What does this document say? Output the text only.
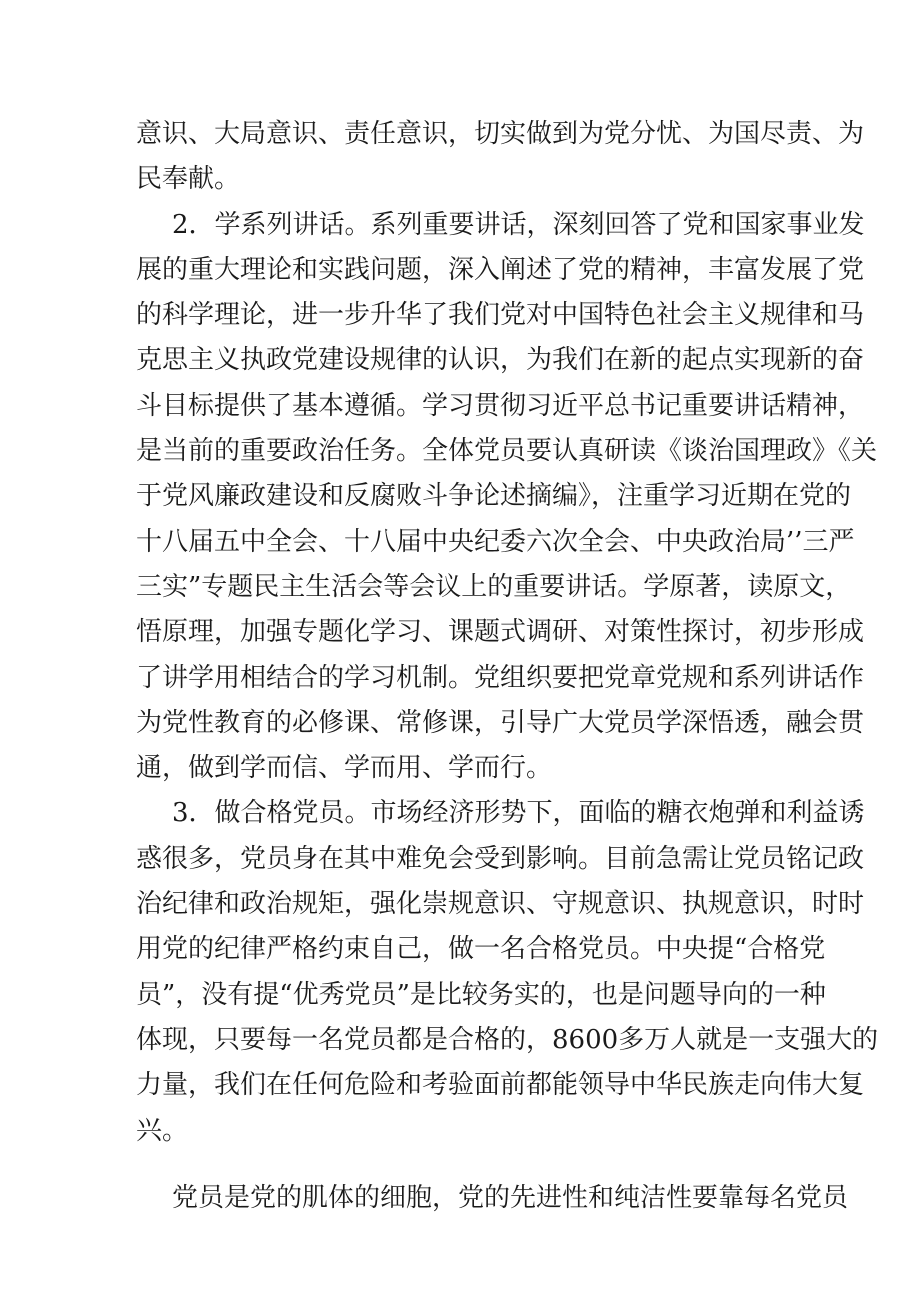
意识、大局意识、责任意识，切实做到为党分忧、为国尽责、为
民奉献。
2．学系列讲话。系列重要讲话，深刻回答了党和国家事业发
展的重大理论和实践问题，深入阐述了党的精神，丰富发展了党
的科学理论，进一步升华了我们党对中国特色社会主义规律和马
克思主义执政党建设规律的认识，为我们在新的起点实现新的奋
斗目标提供了基本遵循。学习贯彻习近平总书记重要讲话精神，
是当前的重要政治任务。全体党员要认真研读《谈治国理政》《关
于党风廉政建设和反腐败斗争论述摘编》，注重学习近期在党的
十八届五中全会、十八届中央纪委六次全会、中央政治局’’三严
三实”专题民主生活会等会议上的重要讲话。学原著，读原文，
悟原理，加强专题化学习、课题式调研、对策性探讨，初步形成
了讲学用相结合的学习机制。党组织要把党章党规和系列讲话作
为党性教育的必修课、常修课，引导广大党员学深悟透，融会贯
通，做到学而信、学而用、学而行。
3．做合格党员。市场经济形势下，面临的糖衣炮弹和利益诱
惑很多，党员身在其中难免会受到影响。目前急需让党员铭记政
治纪律和政治规矩，强化崇规意识、守规意识、执规意识，时时
用党的纪律严格约束自己，做一名合格党员。中央提“合格党
员”，没有提“优秀党员”是比较务实的，也是问题导向的一种
体现，只要每一名党员都是合格的，8600多万人就是一支强大的
力量，我们在任何危险和考验面前都能领导中华民族走向伟大复
兴。
党员是党的肌体的细胞，党的先进性和纯洁性要靠每名党员
